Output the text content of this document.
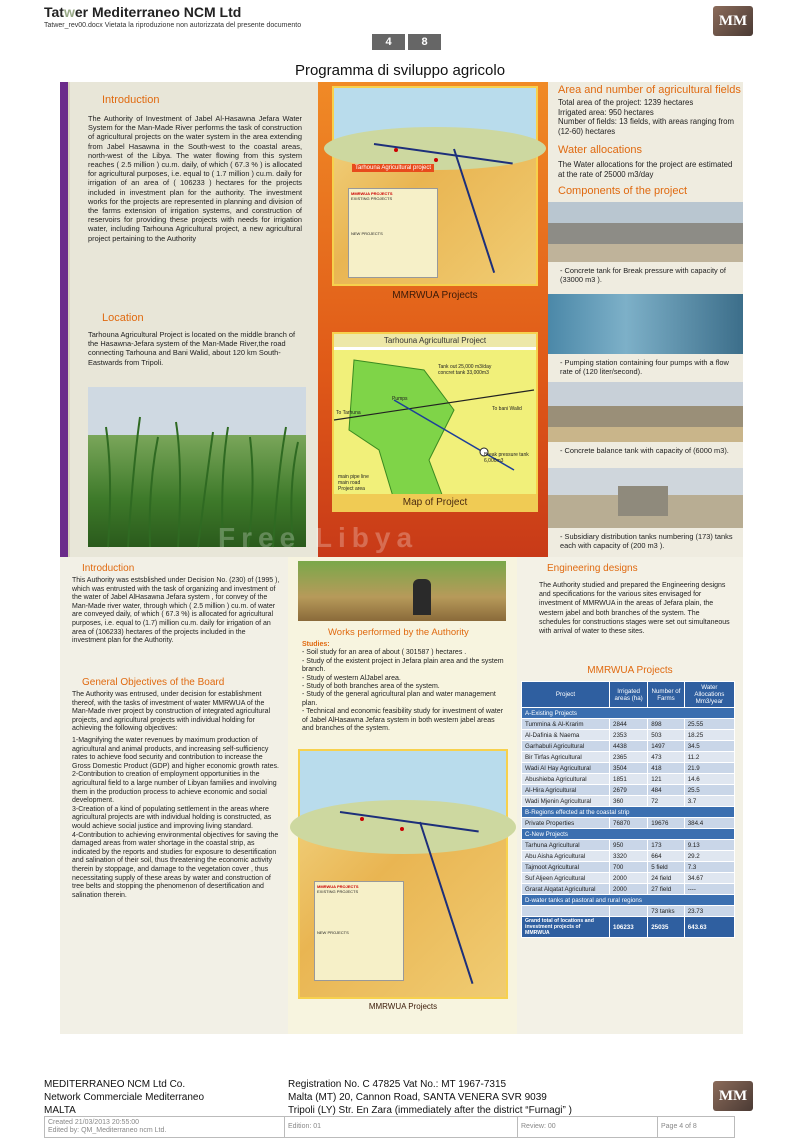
Tatwer Mediterraneo NCM Ltd
Tatwer_rev00.docx Vietata la riproduzione non autorizzata del presente documento	MM
4	8
Programma di sviluppo agricolo
Introduction
The Authority of Investment of Jabel Al-Hasawna Jefara Water System for the Man-Made River performs the task of construction of agricultural projects on the water system in the area extending from Jabel Hasawna in the South-west to the coastal areas, north-west of the Libya. The water flowing from this system reaches ( 2.5 million ) cu.m. daily, of which ( 67.3 % ) is allocated for agricultural purposes, i.e. equal to ( 1.7 million ) cu.m. daily for irrigation of an area of ( 106233 ) hectares for the projects included in investment plan for the authority. The investment works for the projects are represented in planning and division of the farms extension of irrigation systems, and construction of reservoirs for providing these projects with needs for irrigation water, including Tarhouna Agricultural project, a new agricultural project pertaining to the Authority
Location
Tarhouna Agricultural Project is located on the middle branch of the Hasawna-Jefara system of the Man-Made River,the road connecting Tarhouna and Bani Walid, about 120 km South-Eastwards from Tripoli.
Tarhouna Agricultural project
MMRWUA PROJECTS
EXISTING PROJECTS
NEW PROJECTS
MMRWUA Projects
Tarhouna Agricultural Project
Tank out 25,000 m3/day concret tank 33,000m3
Pumps
To Tarhuna
To bani Walid
Break pressure tank 6,000m3
main pipe line
main road
Project area
Map of Project
Free Libya
Area and number of agricultural fields
Total area of the project: 1239 hectares
Irrigated area: 950 hectares
Number of fields: 13 fields, with areas ranging from (12-60) hectares
Water allocations
The Water allocations for the project are estimated at the rate of 25000 m3/day
Components of the project
- Concrete tank for Break pressure with capacity of (33000 m3 ).
- Pumping station containing four pumps with a flow rate of (120 liter/second).
- Concrete balance tank with capacity of (6000 m3).
- Subsidiary distribution tanks numbering (173) tanks each with capacity of (200 m3 ).
Introduction
This Authority was estsblished under Decision No. (230) of (1995 ), which was entrusted with the task of organizing and investment of the water of Jabel AlHasawna Jefara system , for convey of the Man-Made river water, through which ( 2.5 million ) cu.m. of water are conveyed daily, of which ( 67.3 %) is allocated for agricultural purposes, i.e. equal to (1.7) million cu.m. daily for irrigation of an area of (106233) hectares of the projects included in the investment plan for the Authority.
General Objectives of the Board
The Authority was entrused, under decision for establishment thereof, with the tasks of investment of water MMRWUA of the Man-Made river project by construction of integrated agricultural projects, and agricultural projects with individual holding for achieving the following objectives:
1-Magnifying the water revenues by maximum production of agricultural and animal products, and increasing self-sufficiency rates to achieve food security and contribution to increase the Gross Domestic Product (GDP) and higher economic growth rates.
2-Contribution to creation of employment opportunities in the agricultural field to a large number of Libyan families and involving them in the production process to achieve economic and social development.
3-Creation of a kind of populating settlement in the areas where agricultural projects are with individual holding is constructed, as would achieve social justice and improving living standard.
4-Contribution to achieving environmental objectives for saving the damaged areas from water shortage in the coastal strip, as indicated by the reports and studies for exposure to desertification and salination of their soil, thus threatening the economic activity therein by stoppage, and damage to the vegetation cover , thus necessitating supply of these areas by water and construction of tree belts and stopping the phenomenon of desertification and salination therein.
Works performed by the Authority
Studies:
- Soil study for an area of about ( 301587 ) hectares .
- Study of the existent project in Jefara plain area and the system branch.
- Study of western AlJabel area.
- Study of both branches area of the system.
- Study of the general agricultural plan and water management plan.
- Technical and economic feasibility study for investment of water of Jabel AlHasawna Jefara system in both western jabel areas and branches of the system.
MMRWUA PROJECTS
EXISTING PROJECTS
NEW PROJECTS
MMRWUA Projects
Engineering designs
The Authority studied and prepared the Engineering designs and specifications for the various sites envisaged for investment of MMRWUA in the areas of Jefara plain, the western jabel and both branches of the system. The schedules for constructions stages were set out simultaneous with arrival of water to these sites.
MMRWUA Projects
Project	Irrigated areas (ha)	Number of Farms	Water Allocations Mm3/year
A-Existing Projects			
Tummina & Al-Krarim	2844	898	25.55
Al-Dafinia & Naema	2353	503	18.25
Garhabuli Agricultural	4438	1497	34.5
Bir Tirfas Agricultural	2365	473	11.2
Wadi Al Hay Agricultural	3504	418	21.9
Abushieba Agricultural	1851	121	14.6
Al-Hira Agricultural	2679	484	25.5
Wadi Mjenin Agricultural	360	72	3.7
B-Regions effected at the coastal strip			
Private Properties	76870	19676	384.4
C-New Projects			
Tarhuna Agricultural	950	173	9.13
Abu Aisha Agricultural	3320	664	29.2
Tajmoot Agricultural	700	5 field	7.3
Suf Aljeen Agricultural	2000	24 field	34.67
Grarat Alqatat Agricultural	2000	27 field	----
D-water tanks at pastoral and rural regions			
		73 tanks	23.73
Grand total of locations and investment projects of MMRWUA	106233	25035	643.63
MEDITERRANEO NCM Ltd Co.
Network Commerciale Mediterraneo
MALTA
Registration No. C 47825 Vat No.: MT 1967-7315
Malta (MT) 20, Cannon Road, SANTA VENERA SVR 9039
Tripoli (LY) Str. En Zara (immediately after the district “Furnagi” )
MM
Created 21/03/2013 20:55:00
Edited by: QM_Mediterraneo ncm Ltd.
Edition: 01	Review: 00	Page 4 of 8
